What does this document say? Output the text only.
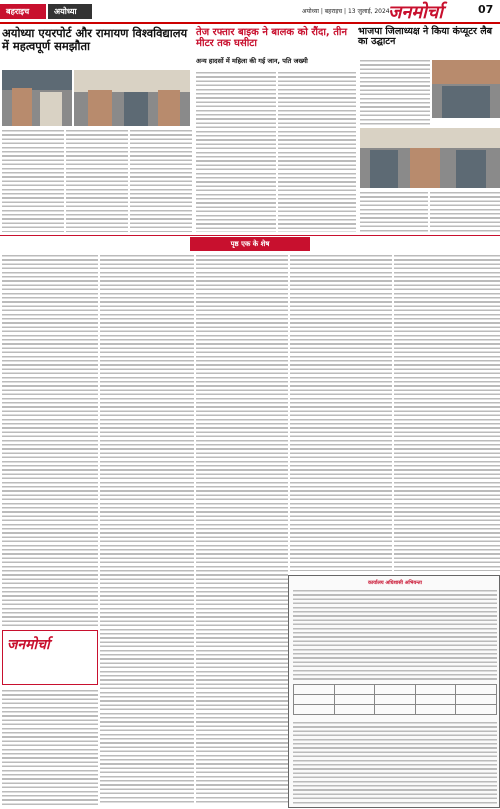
बहराइच	अयोध्या	अयोध्या | बहराइच | 13 जुलाई, 2024
जनमोर्चा	07
अयोध्या एयरपोर्ट और रामायण विश्वविद्यालय में महत्वपूर्ण समझौता
तेज रफ्तार बाइक ने बालक को रौंदा, तीन मीटर तक घसीटा
अन्य हादसों में महिला की गई जान, पति जख्मी
भाजपा जिलाध्यक्ष ने किया कंप्यूटर लैब का उद्घाटन
पृष्ठ एक के शेष
जनमोर्चा
कार्यालय अधिशासी अभियन्ता
